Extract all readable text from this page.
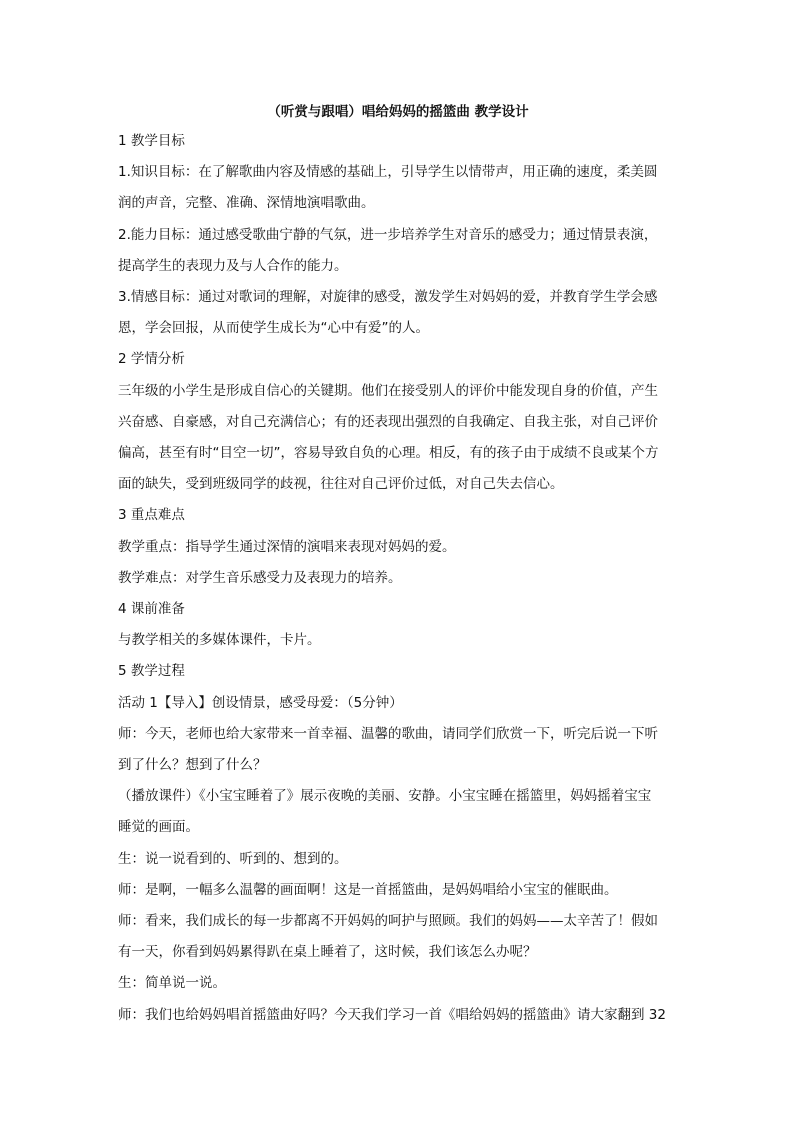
（听赏与跟唱）唱给妈妈的摇篮曲 教学设计

1 教学目标

1.知识目标：在了解歌曲内容及情感的基础上，引导学生以情带声，用正确的速度，柔美圆

润的声音，完整、准确、深情地演唱歌曲。

2.能力目标：通过感受歌曲宁静的气氛，进一步培养学生对音乐的感受力；通过情景表演，

提高学生的表现力及与人合作的能力。

3.情感目标：通过对歌词的理解，对旋律的感受，激发学生对妈妈的爱，并教育学生学会感

恩，学会回报，从而使学生成长为“心中有爱”的人。

2 学情分析

三年级的小学生是形成自信心的关键期。他们在接受别人的评价中能发现自身的价值，产生

兴奋感、自豪感，对自己充满信心；有的还表现出强烈的自我确定、自我主张，对自己评价

偏高，甚至有时“目空一切”，容易导致自负的心理。相反，有的孩子由于成绩不良或某个方

面的缺失，受到班级同学的歧视，往往对自己评价过低，对自己失去信心。

3 重点难点

教学重点：指导学生通过深情的演唱来表现对妈妈的爱。

教学难点：对学生音乐感受力及表现力的培养。

4 课前准备

与教学相关的多媒体课件，卡片。

5 教学过程

活动 1【导入】创设情景，感受母爱：（5分钟）

师：今天，老师也给大家带来一首幸福、温馨的歌曲，请同学们欣赏一下，听完后说一下听

到了什么？想到了什么？

（播放课件）《小宝宝睡着了》展示夜晚的美丽、安静。小宝宝睡在摇篮里，妈妈摇着宝宝

睡觉的画面。

生：说一说看到的、听到的、想到的。

师：是啊，一幅多么温馨的画面啊！这是一首摇篮曲，是妈妈唱给小宝宝的催眠曲。

师：看来，我们成长的每一步都离不开妈妈的呵护与照顾。我们的妈妈——太辛苦了！假如

有一天，你看到妈妈累得趴在桌上睡着了，这时候，我们该怎么办呢？

生：简单说一说。

师：我们也给妈妈唱首摇篮曲好吗？今天我们学习一首《唱给妈妈的摇篮曲》请大家翻到 32
